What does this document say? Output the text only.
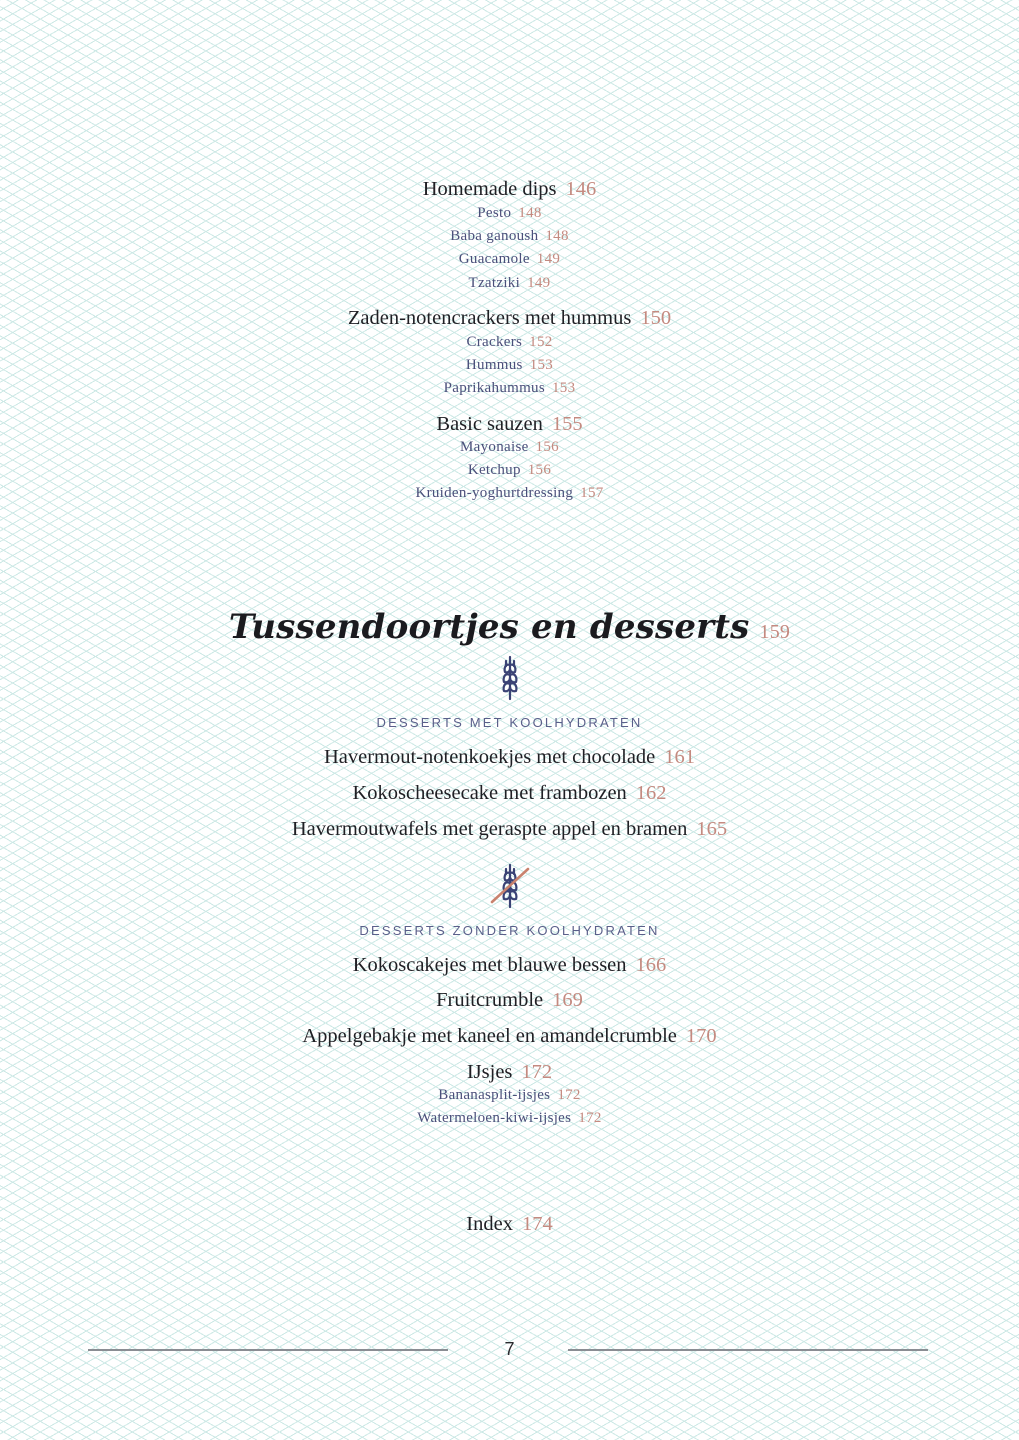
Homemade dips 146
Pesto 148
Baba ganoush 148
Guacamole 149
Tzatziki 149
Zaden-notencrackers met hummus 150
Crackers 152
Hummus 153
Paprikahummus 153
Basic sauzen 155
Mayonaise 156
Ketchup 156
Kruiden-yoghurtdressing 157
Tussendoortjes en desserts 159
DESSERTS MET KOOLHYDRATEN
Havermout-notenkoekjes met chocolade 161
Kokoscheesecake met frambozen 162
Havermoutwafels met geraspte appel en bramen 165
DESSERTS ZONDER KOOLHYDRATEN
Kokoscakejes met blauwe bessen 166
Fruitcrumble 169
Appelgebakje met kaneel en amandelcrumble 170
IJsjes 172
Bananasplit-ijsjes 172
Watermeloen-kiwi-ijsjes 172
Index 174
7
